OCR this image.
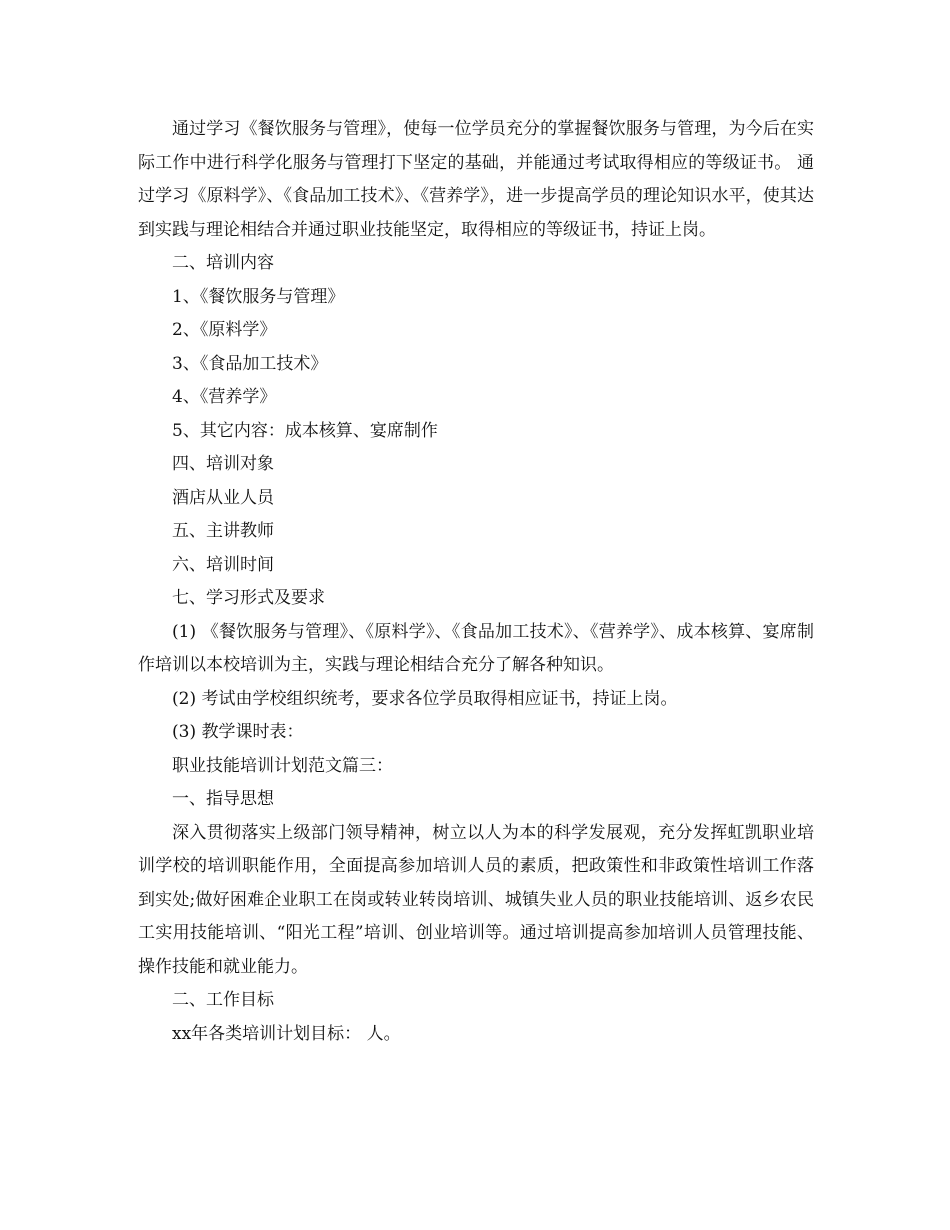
通过学习《餐饮服务与管理》，使每一位学员充分的掌握餐饮服务与管理，为今后在实际工作中进行科学化服务与管理打下坚定的基础，并能通过考试取得相应的等级证书。 通过学习《原料学》、《食品加工技术》、《营养学》，进一步提高学员的理论知识水平，使其达到实践与理论相结合并通过职业技能坚定，取得相应的等级证书，持证上岗。

二、培训内容

1、《餐饮服务与管理》

2、《原料学》

3、《食品加工技术》

4、《营养学》

5、其它内容：成本核算、宴席制作

四、培训对象

酒店从业人员

五、主讲教师

六、培训时间

七、学习形式及要求

(1) 《餐饮服务与管理》、《原料学》、《食品加工技术》、《营养学》、成本核算、宴席制作培训以本校培训为主，实践与理论相结合充分了解各种知识。

(2) 考试由学校组织统考，要求各位学员取得相应证书，持证上岗。

(3) 教学课时表：

职业技能培训计划范文篇三：

一、指导思想

深入贯彻落实上级部门领导精神，树立以人为本的科学发展观，充分发挥虹凯职业培训学校的培训职能作用，全面提高参加培训人员的素质，把政策性和非政策性培训工作落到实处;做好困难企业职工在岗或转业转岗培训、城镇失业人员的职业技能培训、返乡农民工实用技能培训、“阳光工程”培训、创业培训等。通过培训提高参加培训人员管理技能、操作技能和就业能力。

二、工作目标

xx年各类培训计划目标： 人。
